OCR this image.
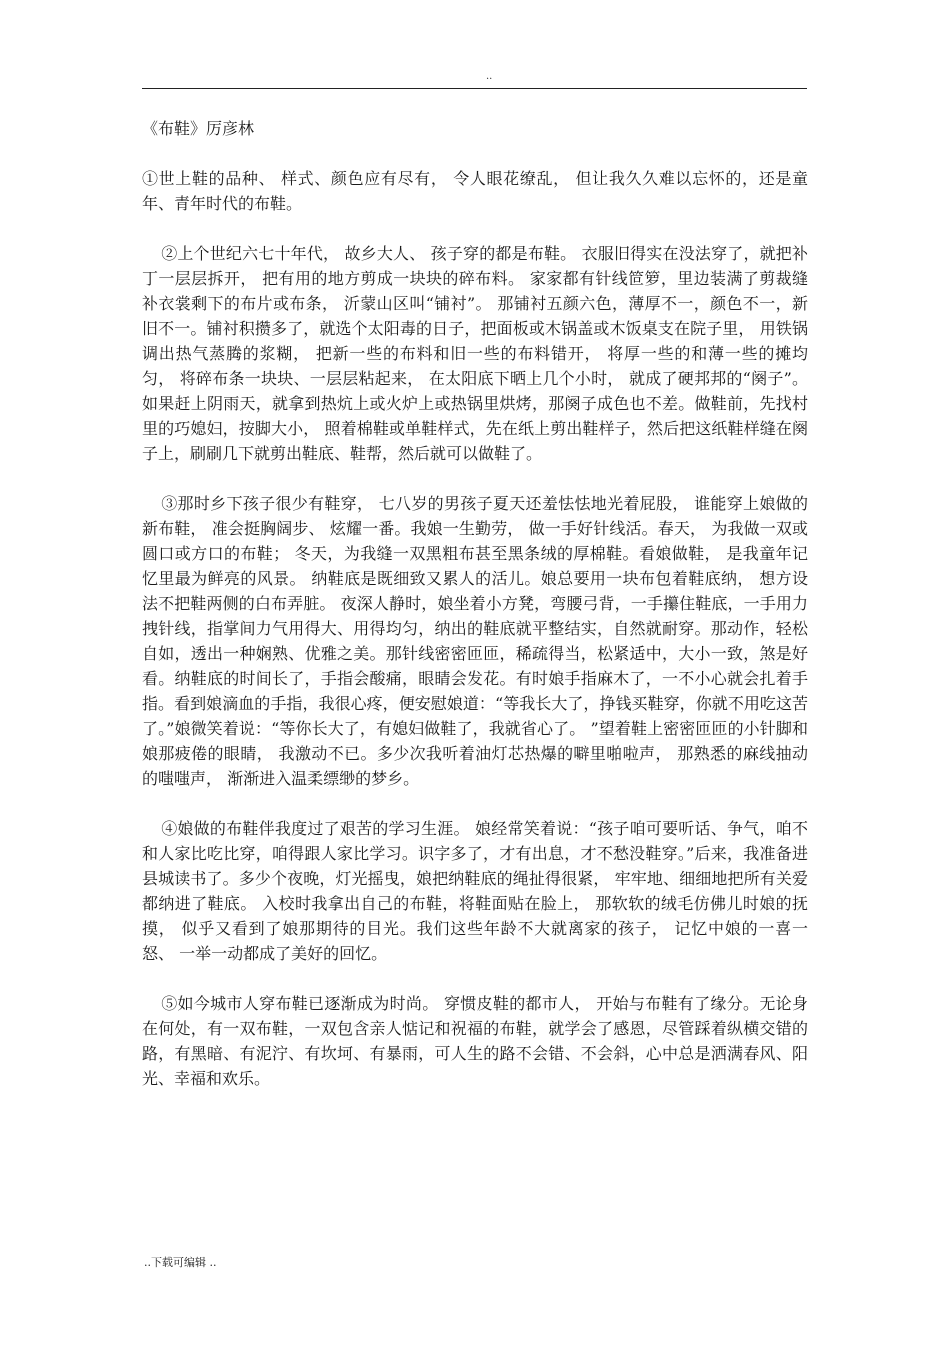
..
《布鞋》厉彦林

①世上鞋的品种、 样式、颜色应有尽有， 令人眼花缭乱， 但让我久久难以忘怀的，还是童年、青年时代的布鞋。

②上个世纪六七十年代， 故乡大人、 孩子穿的都是布鞋。 衣服旧得实在没法穿了，就把补丁一层层拆开， 把有用的地方剪成一块块的碎布料。 家家都有针线笸箩，里边装满了剪裁缝补衣裳剩下的布片或布条， 沂蒙山区叫“铺衬”。 那铺衬五颜六色，薄厚不一，颜色不一，新旧不一。铺衬积攒多了，就选个太阳毒的日子，把面板或木锅盖或木饭桌支在院子里， 用铁锅调出热气蒸腾的浆糊， 把新一些的布料和旧一些的布料错开， 将厚一些的和薄一些的摊均匀， 将碎布条一块块、一层层粘起来， 在太阳底下晒上几个小时， 就成了硬邦邦的“阕子”。 如果赶上阴雨天，就拿到热炕上或火炉上或热锅里烘烤，那阕子成色也不差。做鞋前，先找村里的巧媳妇，按脚大小， 照着棉鞋或单鞋样式，先在纸上剪出鞋样子，然后把这纸鞋样缝在阕子上，刷刷几下就剪出鞋底、鞋帮，然后就可以做鞋了。

③那时乡下孩子很少有鞋穿， 七八岁的男孩子夏天还羞怯怯地光着屁股， 谁能穿上娘做的新布鞋， 准会挺胸阔步、 炫耀一番。我娘一生勤劳， 做一手好针线活。春天， 为我做一双或圆口或方口的布鞋； 冬天，为我缝一双黑粗布甚至黑条绒的厚棉鞋。看娘做鞋， 是我童年记忆里最为鲜亮的风景。 纳鞋底是既细致又累人的活儿。娘总要用一块布包着鞋底纳， 想方设法不把鞋两侧的白布弄脏。 夜深人静时，娘坐着小方凳，弯腰弓背，一手攥住鞋底，一手用力拽针线，指掌间力气用得大、用得均匀，纳出的鞋底就平整结实，自然就耐穿。那动作，轻松自如，透出一种娴熟、优雅之美。那针线密密匝匝，稀疏得当，松紧适中，大小一致，煞是好看。纳鞋底的时间长了，手指会酸痛，眼睛会发花。有时娘手指麻木了，一不小心就会扎着手指。看到娘滴血的手指，我很心疼，便安慰娘道：“等我长大了，挣钱买鞋穿，你就不用吃这苦了。”娘微笑着说：“等你长大了，有媳妇做鞋了，我就省心了。 ”望着鞋上密密匝匝的小针脚和娘那疲倦的眼睛， 我激动不已。多少次我听着油灯芯热爆的噼里啪啦声， 那熟悉的麻线抽动的嗤嗤声， 渐渐进入温柔缥缈的梦乡。

④娘做的布鞋伴我度过了艰苦的学习生涯。 娘经常笑着说：“孩子咱可要听话、争气，咱不和人家比吃比穿，咱得跟人家比学习。识字多了，才有出息，才不愁没鞋穿。”后来，我准备进县城读书了。多少个夜晚，灯光摇曳，娘把纳鞋底的绳扯得很紧， 牢牢地、细细地把所有关爱都纳进了鞋底。 入校时我拿出自己的布鞋，将鞋面贴在脸上， 那软软的绒毛仿佛儿时娘的抚摸， 似乎又看到了娘那期待的目光。我们这些年龄不大就离家的孩子， 记忆中娘的一喜一怒、 一举一动都成了美好的回忆。

⑤如今城市人穿布鞋已逐渐成为时尚。 穿惯皮鞋的都市人， 开始与布鞋有了缘分。无论身在何处，有一双布鞋，一双包含亲人惦记和祝福的布鞋，就学会了感恩，尽管踩着纵横交错的路，有黑暗、有泥泞、有坎坷、有暴雨，可人生的路不会错、不会斜，心中总是洒满春风、阳光、幸福和欢乐。

..下载可编辑 ..
